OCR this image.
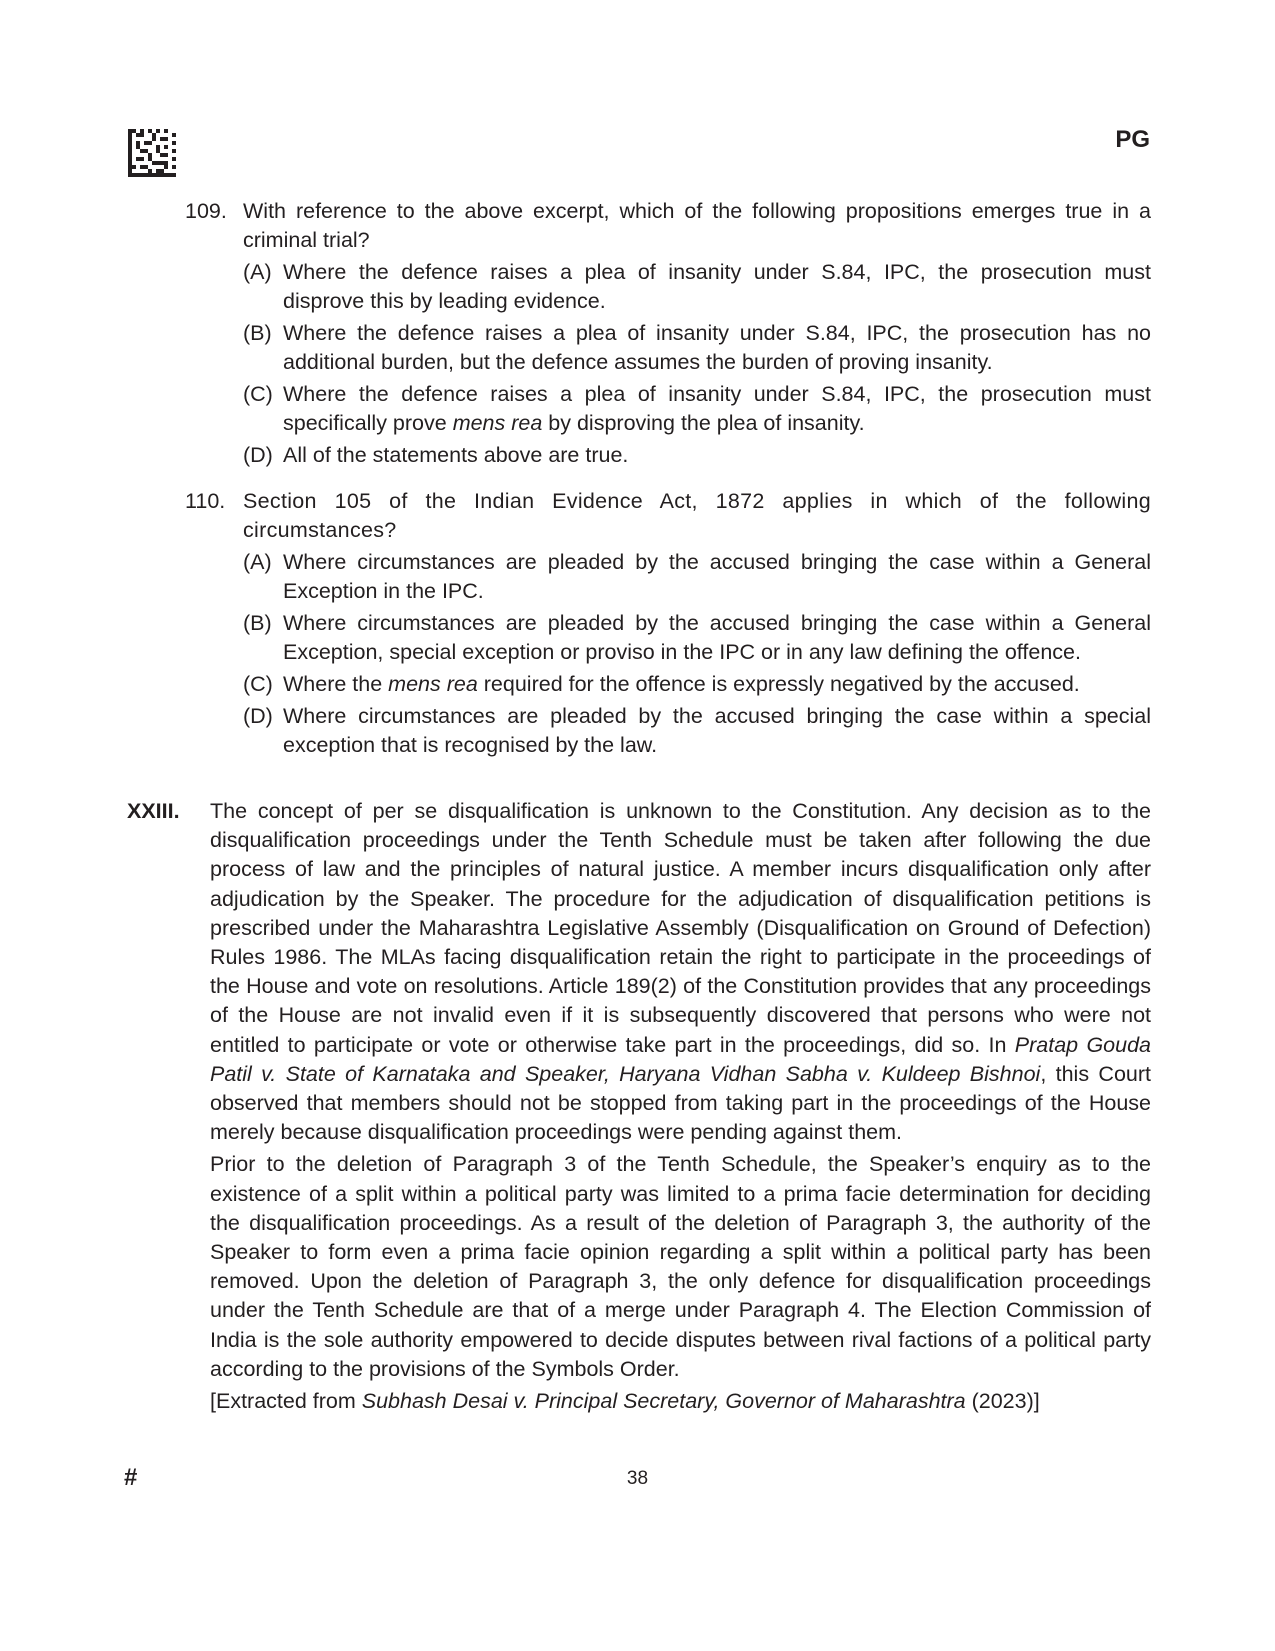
PG
109. With reference to the above excerpt, which of the following propositions emerges true in a criminal trial?
(A) Where the defence raises a plea of insanity under S.84, IPC, the prosecution must disprove this by leading evidence.
(B) Where the defence raises a plea of insanity under S.84, IPC, the prosecution has no additional burden, but the defence assumes the burden of proving insanity.
(C) Where the defence raises a plea of insanity under S.84, IPC, the prosecution must specifically prove mens rea by disproving the plea of insanity.
(D) All of the statements above are true.
110. Section 105 of the Indian Evidence Act, 1872 applies in which of the following circumstances?
(A) Where circumstances are pleaded by the accused bringing the case within a General Exception in the IPC.
(B) Where circumstances are pleaded by the accused bringing the case within a General Exception, special exception or proviso in the IPC or in any law defining the offence.
(C) Where the mens rea required for the offence is expressly negatived by the accused.
(D) Where circumstances are pleaded by the accused bringing the case within a special exception that is recognised by the law.
XXIII. The concept of per se disqualification is unknown to the Constitution. Any decision as to the disqualification proceedings under the Tenth Schedule must be taken after following the due process of law and the principles of natural justice. A member incurs disqualification only after adjudication by the Speaker. The procedure for the adjudication of disqualification petitions is prescribed under the Maharashtra Legislative Assembly (Disqualification on Ground of Defection) Rules 1986. The MLAs facing disqualification retain the right to participate in the proceedings of the House and vote on resolutions. Article 189(2) of the Constitution provides that any proceedings of the House are not invalid even if it is subsequently discovered that persons who were not entitled to participate or vote or otherwise take part in the proceedings, did so. In Pratap Gouda Patil v. State of Karnataka and Speaker, Haryana Vidhan Sabha v. Kuldeep Bishnoi, this Court observed that members should not be stopped from taking part in the proceedings of the House merely because disqualification proceedings were pending against them.

Prior to the deletion of Paragraph 3 of the Tenth Schedule, the Speaker’s enquiry as to the existence of a split within a political party was limited to a prima facie determination for deciding the disqualification proceedings. As a result of the deletion of Paragraph 3, the authority of the Speaker to form even a prima facie opinion regarding a split within a political party has been removed. Upon the deletion of Paragraph 3, the only defence for disqualification proceedings under the Tenth Schedule are that of a merge under Paragraph 4. The Election Commission of India is the sole authority empowered to decide disputes between rival factions of a political party according to the provisions of the Symbols Order.

[Extracted from Subhash Desai v. Principal Secretary, Governor of Maharashtra (2023)]

#	38
